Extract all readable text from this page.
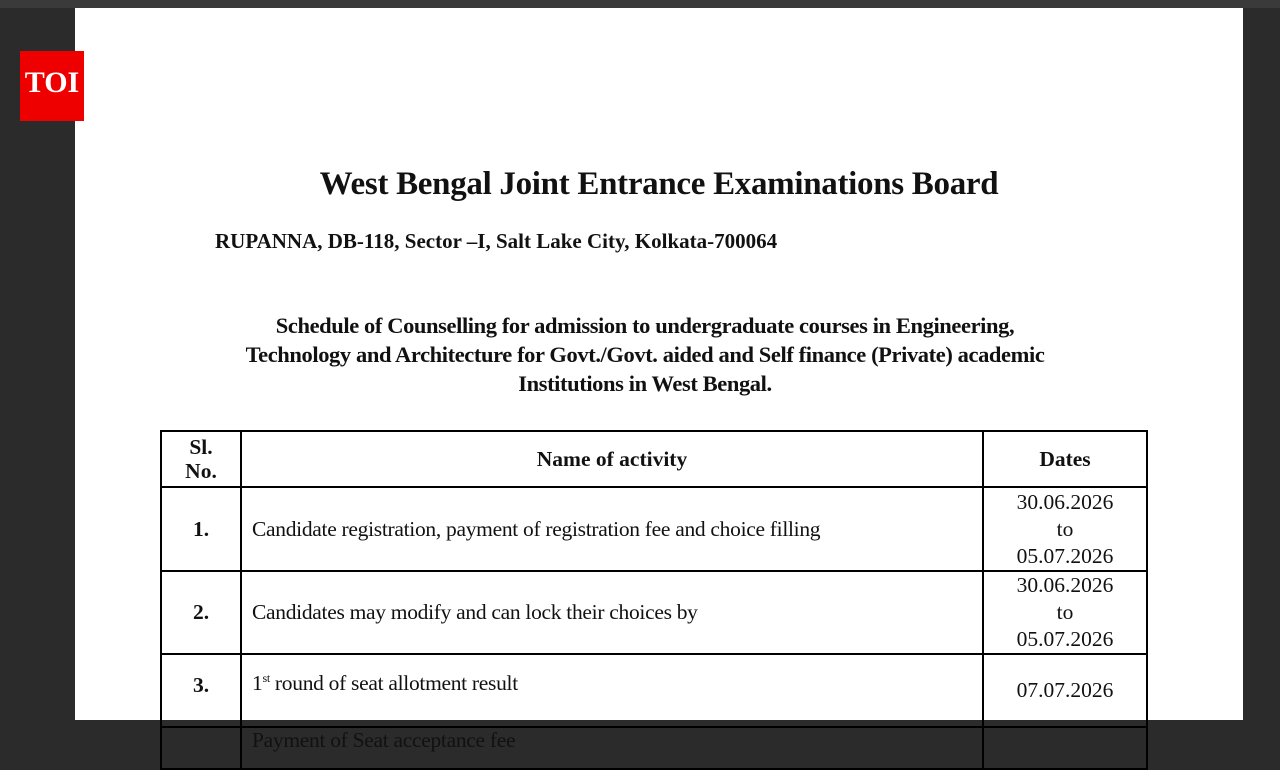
TOI
West Bengal Joint Entrance Examinations Board

RUPANNA, DB-118, Sector –I, Salt Lake City, Kolkata-700064

Schedule of Counselling for admission to undergraduate courses in Engineering,
Technology and Architecture for Govt./Govt. aided and Self finance (Private) academic
Institutions in West Bengal.
Sl.
No.	Name of activity	Dates
1.	Candidate registration, payment of registration fee and choice filling	30.06.2026
to
05.07.2026

2.	Candidates may modify and can lock their choices by	30.06.2026
to
05.07.2026

3.	1st round of seat allotment result	07.07.2026
	Payment of Seat acceptance fee	
